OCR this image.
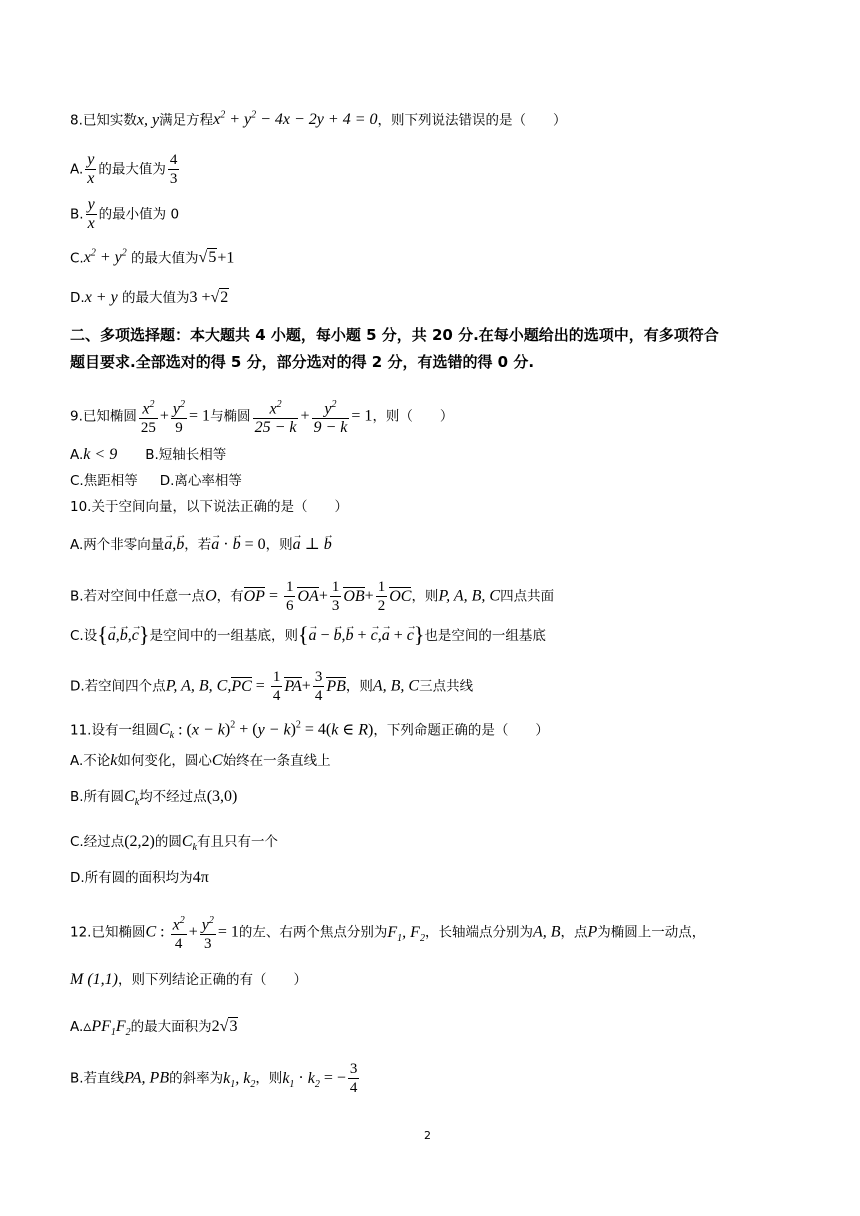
8.已知实数x, y满足方程$x^2 + y^2 - 4x - 2y + 4 = 0$，则下列说法错误的是（　　）
A. $\frac{y}{x}$ 的最大值为 $\frac{4}{3}$
B. $\frac{y}{x}$ 的最小值为 0
$C.x^2 + y^2$ 的最大值为√5+1
D.x + y 的最大值为3 +√2
二、多项选择题：本大题共 4 小题，每小题 5 分，共 20 分.在每小题给出的选项中，有多项符合
题目要求.全部选对的得 5 分，部分选对的得 2 分，有选错的得 0 分.
9.已知椭圆 $\frac{x^2}{25} + \frac{y^2}{9} = 1$与椭圆 $\frac{x^2}{25 - k} + \frac{y^2}{9 - k} = 1$，则（　　）
A.k < 9 B.短轴长相等
C.焦距相等 D.离心率相等
10.关于空间向量，以下说法正确的是（　　）
A.两个非零向量→ a,→ b，若→ a · → b = 0，则→ a ⊥ → b
B.若对空间中任意一点O，有OP = $\frac{1}{6} OA+ \frac{1}{3} OB+ \frac{1}{2}$ OC，则P, A, B, C四点共面
C.设{→ a,→ b,→ c}是空间中的一组基底，则{→ a − → b,→ b + → c,→ a + → c}也是空间的一组基底
D.若空间四个点P, A, B, $C,PC = \frac{1}{4} PA+ \frac{3}{4}$ PB，则A, B, C三点共线
11.设有一组圆$C_k$ : $(x - k)^2 + (y - k)^2 = 4(k$ ∈ R)，下列命题正确的是（　　）
A.不论k如何变化，圆心C始终在一条直线上
B.所有圆$C_k$均不经过点(3,0)
C.经过点(2,2)的圆$C_k$有且只有一个
D.所有圆的面积均为4π
12.已知椭圆C : $\frac{x^2}{4} + \frac{y^2}{3} = 1$的左、右两个焦点分别为$F_1$, $F_2$，长轴端点分别为A, B，点P为椭圆上一动点，
M (1,1)，则下列结论正确的有（　　）
$A.▵PF_1F_2$的最大面积为2√3
B.若直线PA, PB的斜率为$k_1$, $k_2$，则$k_1 \cdot k_2$ = − $\frac{3}{4}$
2
